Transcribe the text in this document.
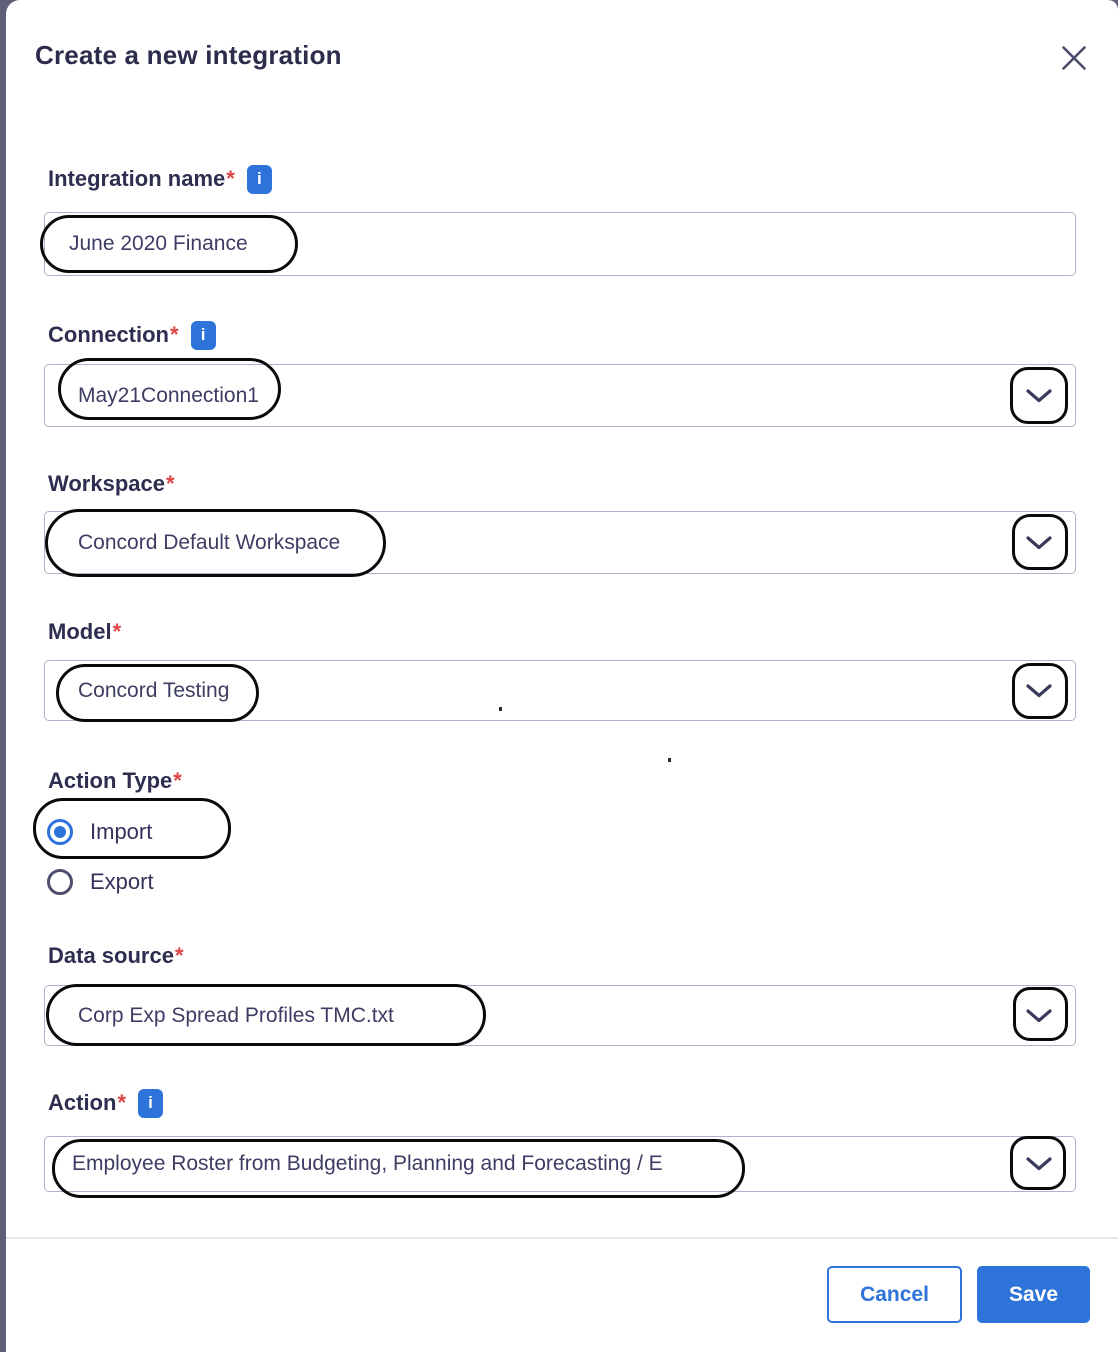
Create a new integration
Integration name * i
June 2020 Finance
Connection * i
May21Connection1
Workspace *
Concord Default Workspace
Model *
Concord Testing
Action Type *
Import
Export
Data source *
Corp Exp Spread Profiles TMC.txt
Action * i
Employee Roster from Budgeting, Planning and Forecasting / E
Cancel	Save
